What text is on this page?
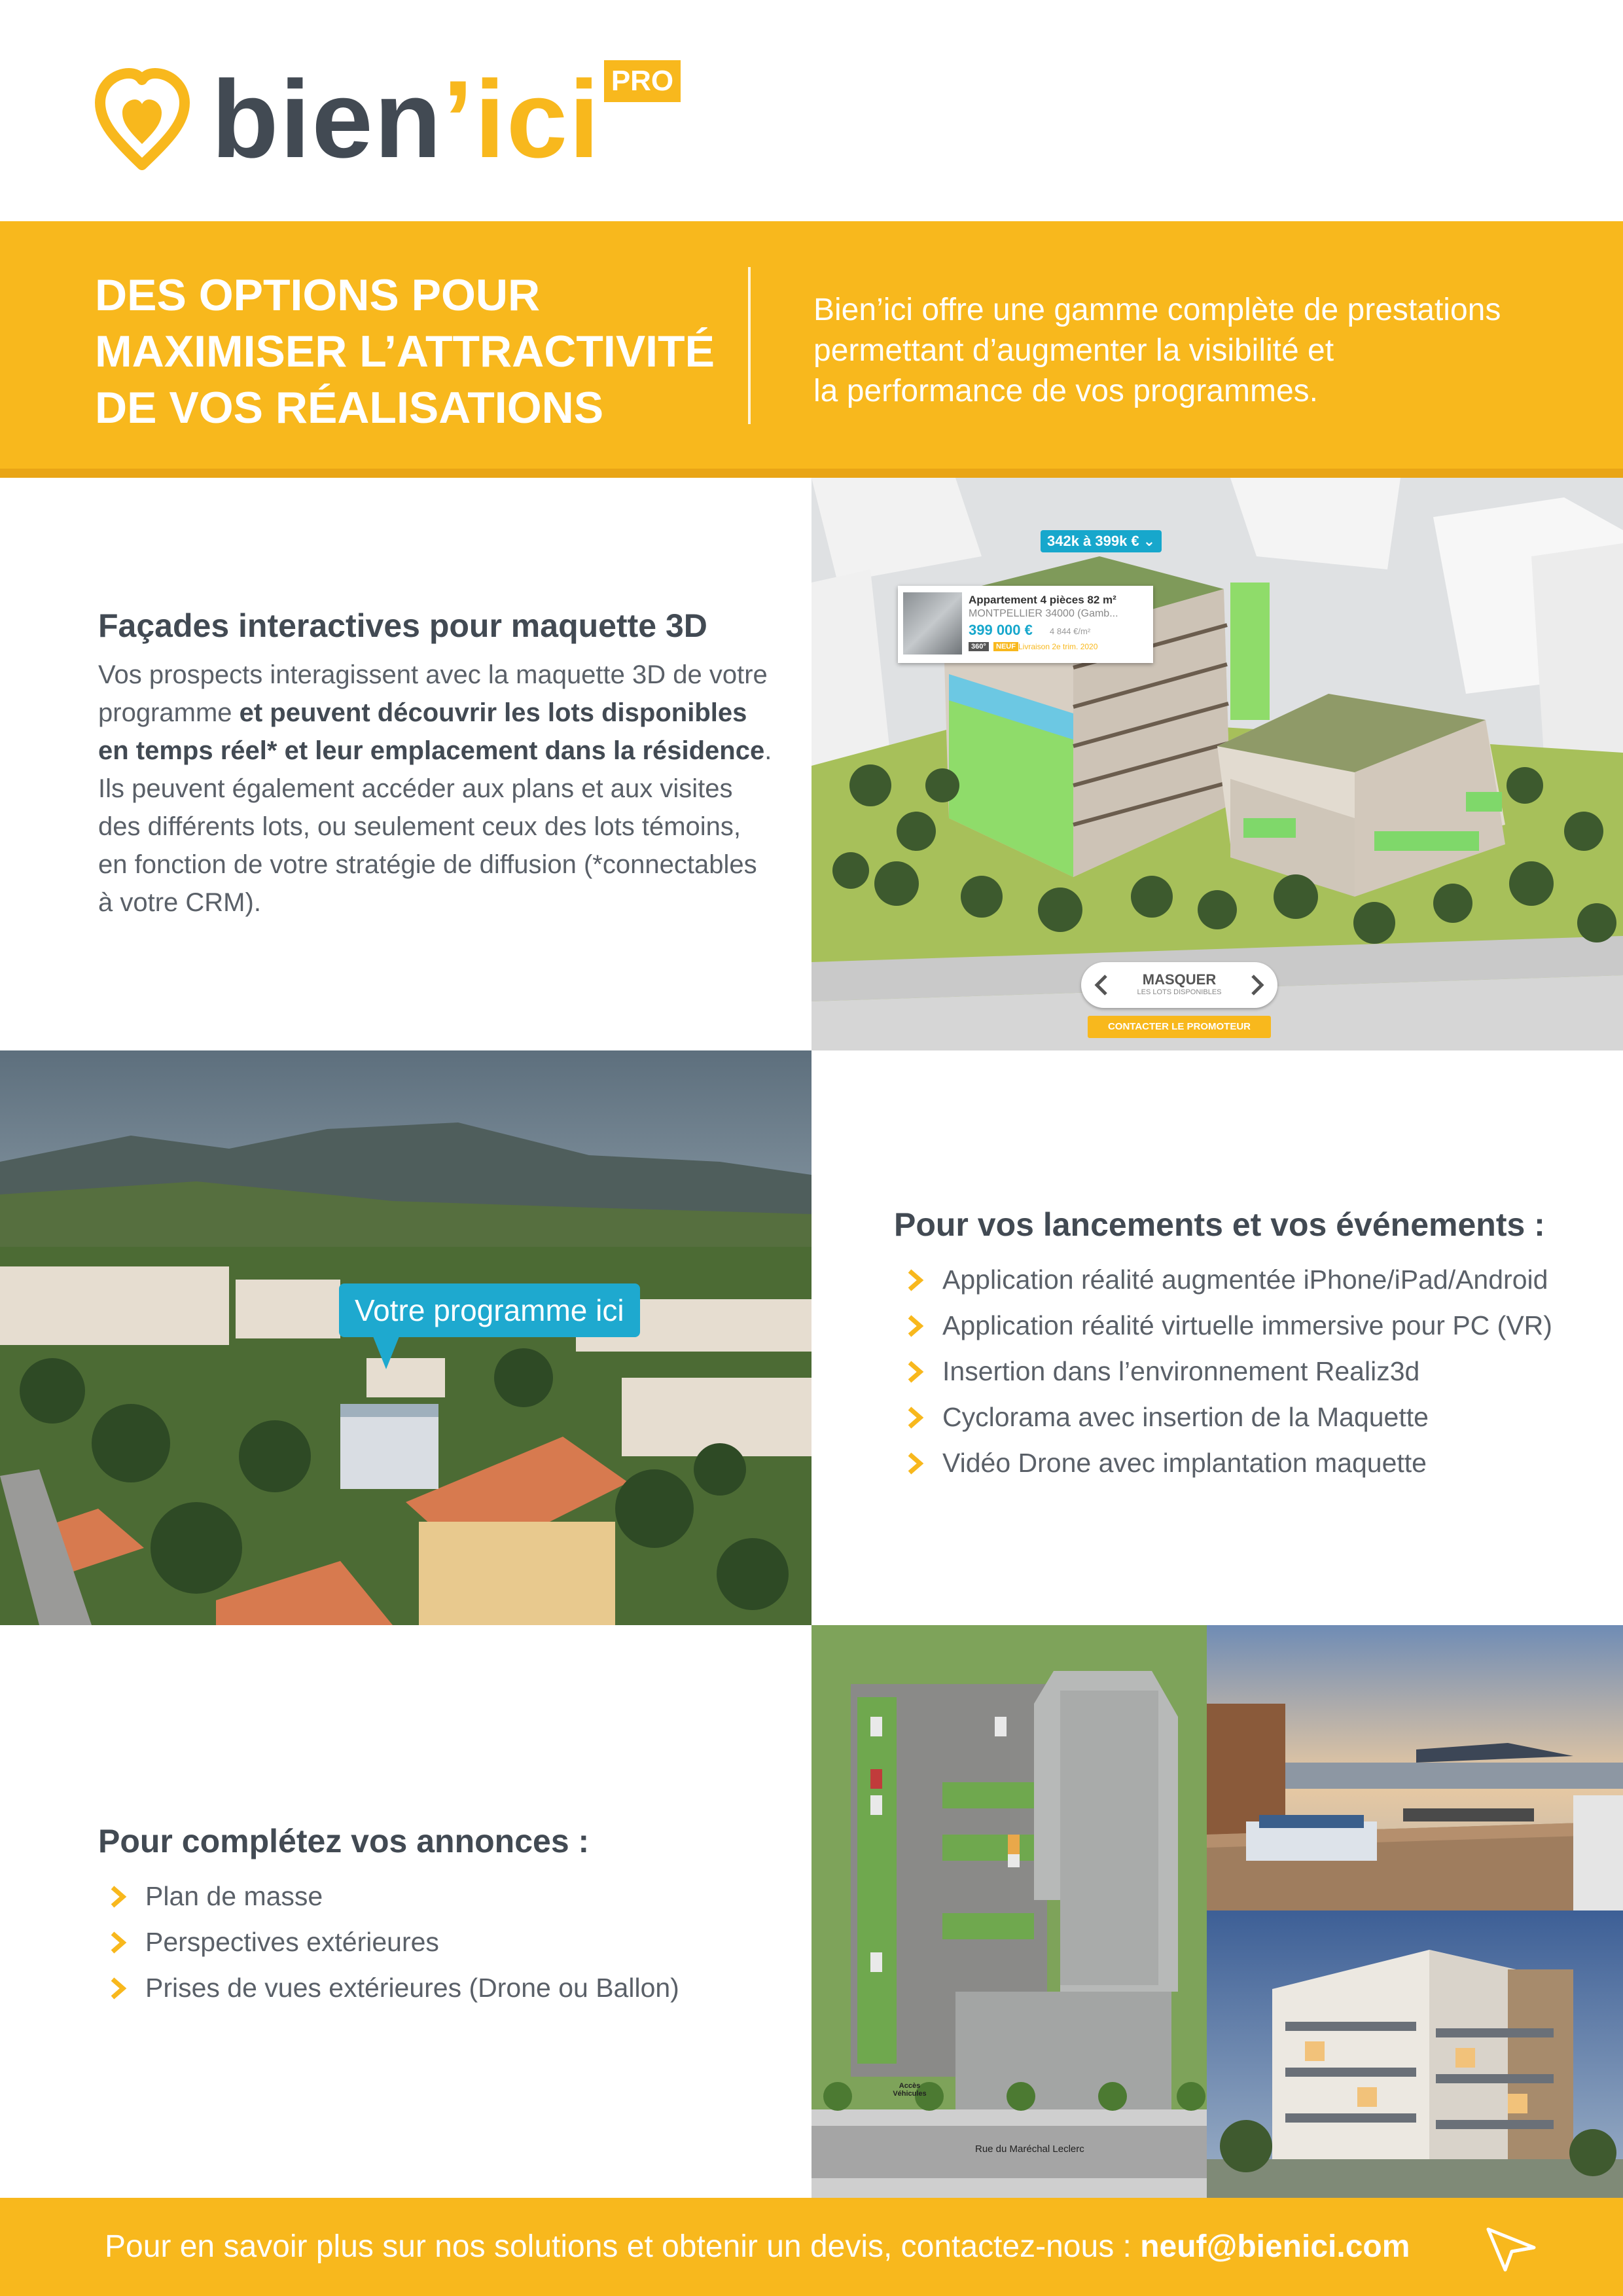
bien’ici PRO
DES OPTIONS POUR
MAXIMISER L’ATTRACTIVITÉ
DE VOS RÉALISATIONS
Bien’ici offre une gamme complète de prestations
permettant d’augmenter la visibilité et
la performance de vos programmes.
Façades interactives pour maquette 3D
Vos prospects interagissent avec la maquette 3D de votre programme et peuvent découvrir les lots disponibles en temps réel* et leur emplacement dans la résidence. Ils peuvent également accéder aux plans et aux visites des différents lots, ou seulement ceux des lots témoins, en fonction de votre stratégie de diffusion (*connectables à votre CRM).
342k à 399k € ⌄
Appartement 4 pièces 82 m²
MONTPELLIER 34000 (Gamb...
399 000 € 4 844 €/m²
360°	NEUF Livraison 2e trim. 2020
MASQUER
LES LOTS DISPONIBLES
CONTACTER LE PROMOTEUR
Votre programme ici
Pour vos lancements et vos événements :
Application réalité augmentée iPhone/iPad/Android
Application réalité virtuelle immersive pour PC (VR)
Insertion dans l’environnement Realiz3d
Cyclorama avec insertion de la Maquette
Vidéo Drone avec implantation maquette
Pour complétez vos annonces :
Plan de masse
Perspectives extérieures
Prises de vues extérieures (Drone ou Ballon)
Accès Véhicules
Rue du Maréchal Leclerc
Pour en savoir plus sur nos solutions et obtenir un devis, contactez-nous : neuf@bienici.com
